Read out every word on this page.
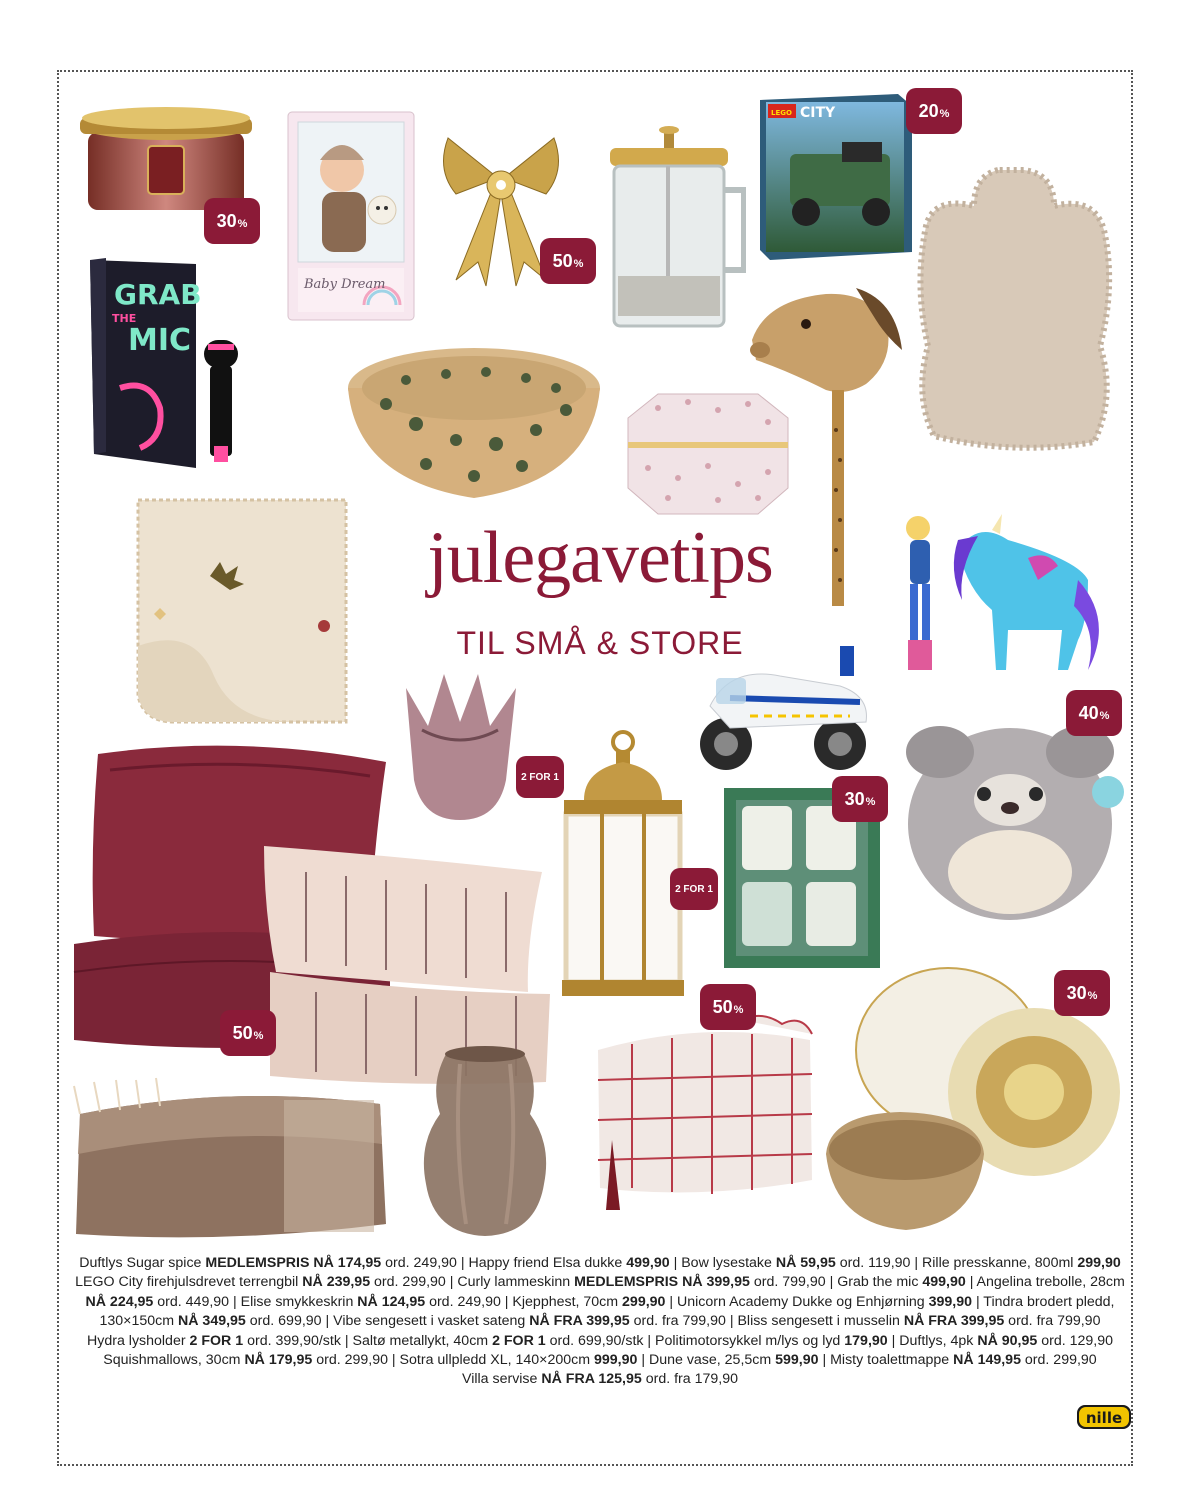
Baby Dream
LEGO CITY
GRAB
THE
MIC
julegavetips
TIL SMÅ & STORE
30 %
50 %
20 %
40 %
30 %
50 %
50 %
30 %
2 FOR 1
2 FOR 1
Duftlys Sugar spice MEDLEMSPRIS NÅ 174,95 ord. 249,90 | Happy friend Elsa dukke 499,90 | Bow lysestake NÅ 59,95 ord. 119,90 | Rille presskanne, 800ml 299,90
LEGO City firehjulsdrevet terrengbil NÅ 239,95 ord. 299,90 | Curly lammeskinn MEDLEMSPRIS NÅ 399,95 ord. 799,90 | Grab the mic 499,90 | Angelina trebolle, 28cm
NÅ 224,95 ord. 449,90 | Elise smykkeskrin NÅ 124,95 ord. 249,90 | Kjepphest, 70cm 299,90 | Unicorn Academy Dukke og Enhjørning 399,90 | Tindra brodert pledd,
130×150cm NÅ 349,95 ord. 699,90 | Vibe sengesett i vasket sateng NÅ FRA 399,95 ord. fra 799,90 | Bliss sengesett i musselin NÅ FRA 399,95 ord. fra 799,90
Hydra lysholder 2 FOR 1 ord. 399,90/stk | Saltø metallykt, 40cm 2 FOR 1 ord. 699,90/stk | Politimotorsykkel m/lys og lyd 179,90 | Duftlys, 4pk NÅ 90,95 ord. 129,90
Squishmallows, 30cm NÅ 179,95 ord. 299,90 | Sotra ullpledd XL, 140×200cm 999,90 | Dune vase, 25,5cm 599,90 | Misty toalettmappe NÅ 149,95 ord. 299,90
Villa servise NÅ FRA 125,95 ord. fra 179,90
nille
